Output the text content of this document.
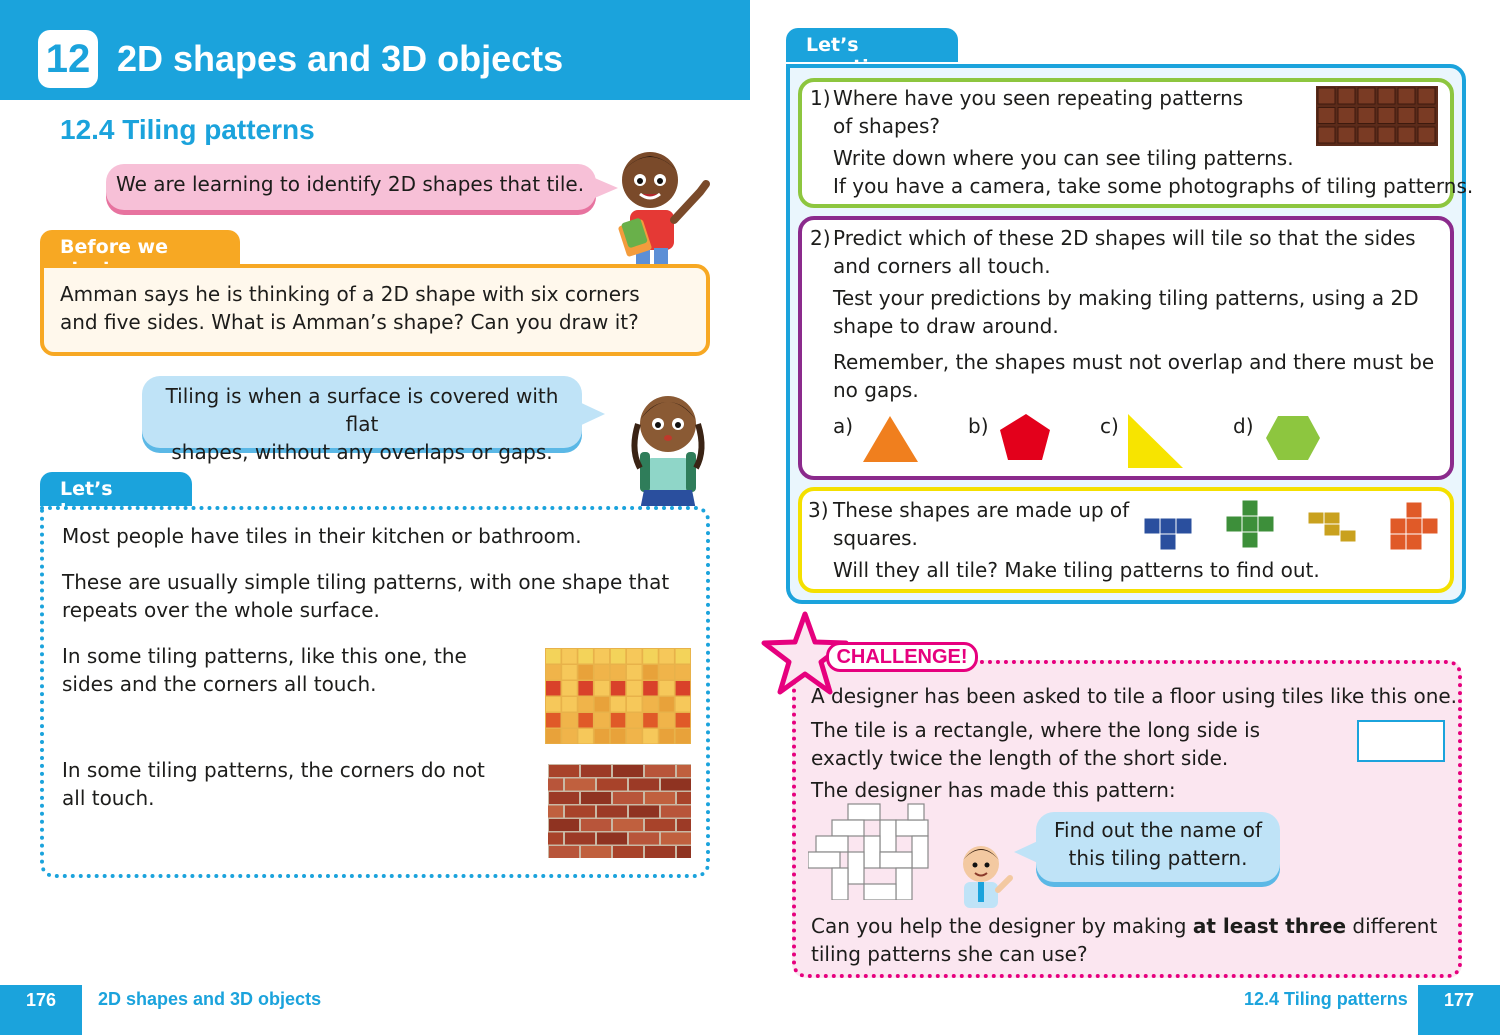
12 2D shapes and 3D objects
12.4 Tiling patterns
We are learning to identify 2D shapes that tile.
Before we
Amman says he is thinking of a 2D shape with six corners
and five sides. What is Amman’s shape? Can you draw it?
Tiling is when a surface is covered with flat
shapes, without any overlaps or gaps.
Let’s
Most people have tiles in their kitchen or bathroom.
These are usually simple tiling patterns, with one shape that
repeats over the whole surface.
In some tiling patterns, like this one, the
sides and the corners all touch.
In some tiling patterns, the corners do not
all touch.
176	2D shapes and 3D objects
Let’s
1) Where have you seen repeating patterns
of shapes?
Write down where you can see tiling patterns.
If you have a camera, take some photographs of tiling patterns.
2) Predict which of these 2D shapes will tile so that the sides
and corners all touch.
Test your predictions by making tiling patterns, using a 2D
shape to draw around.
Remember, the shapes must not overlap and there must be
no gaps.
a)	b)	c)	d)
3) These shapes are made up of
squares.
Will they all tile? Make tiling patterns to find out.
CHALLENGE!
A designer has been asked to tile a floor using tiles like this one.
The tile is a rectangle, where the long side is
exactly twice the length of the short side.
The designer has made this pattern:
Find out the name of
this tiling pattern.
Can you help the designer by making at least three different
tiling patterns she can use?
12.4 Tiling patterns	177
